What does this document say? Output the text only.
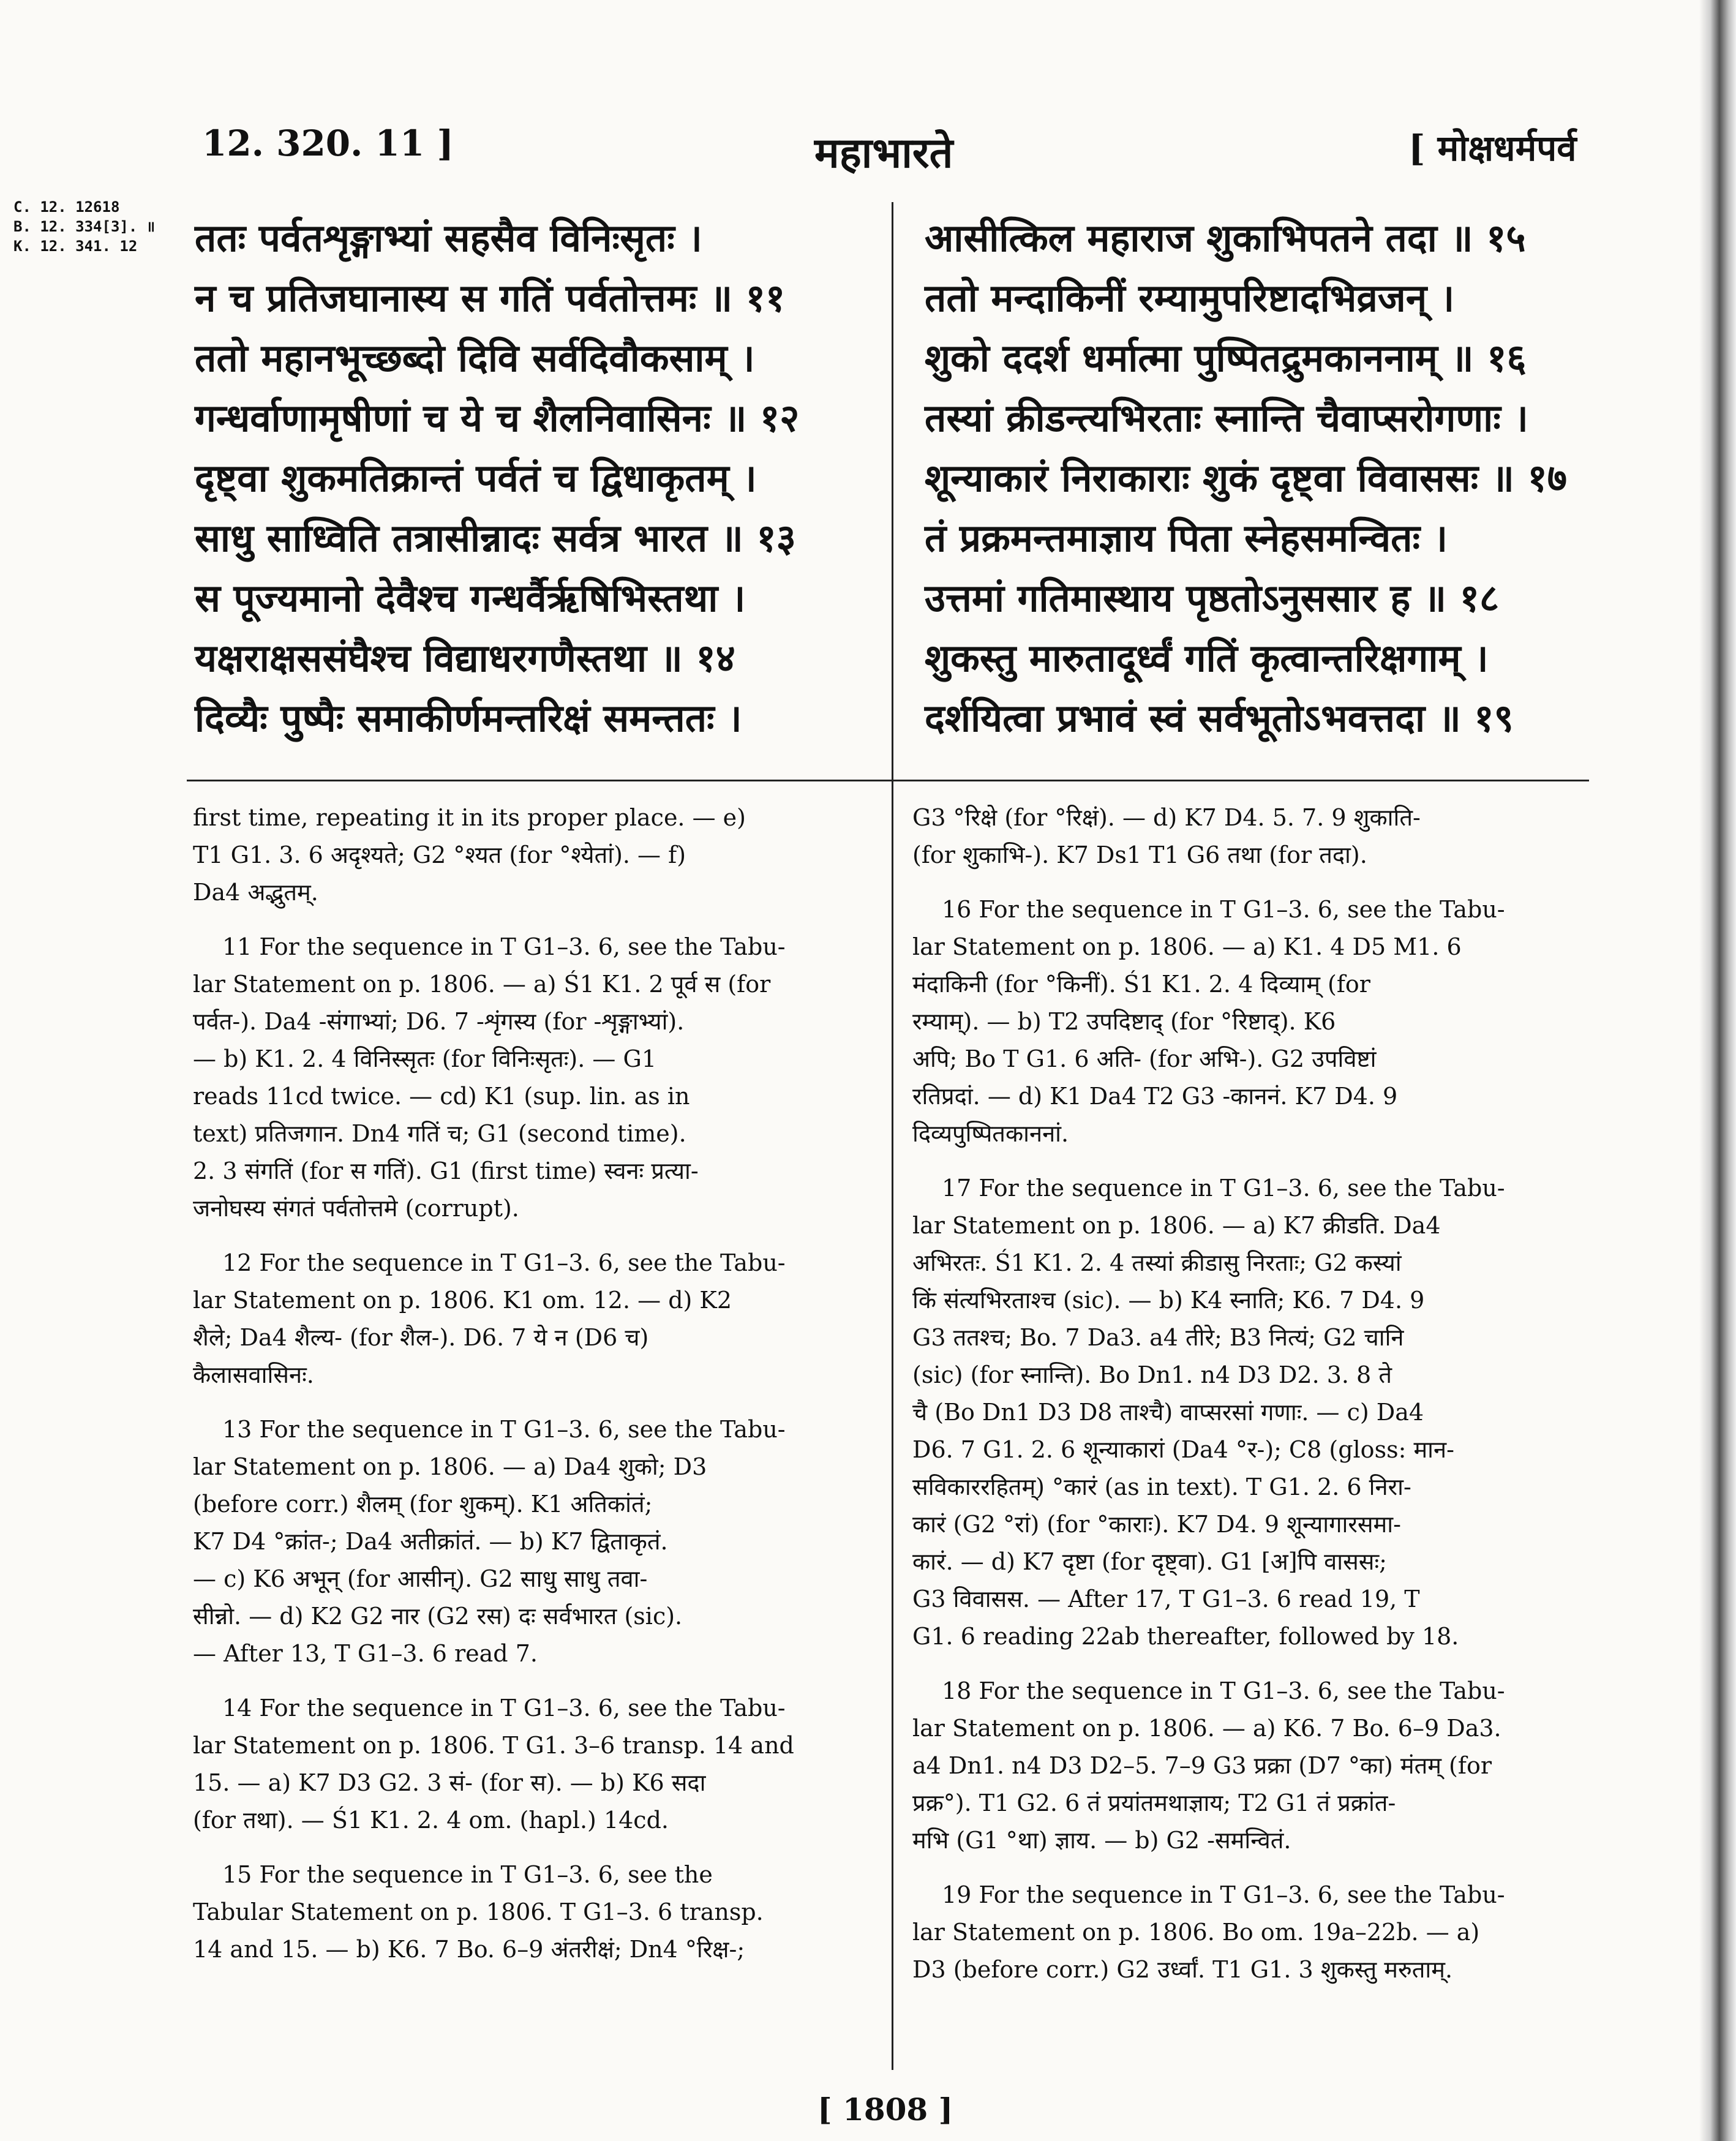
12. 320. 11 ]	महाभारते	[ मोक्षधर्मपर्व
C. 12. 12618
B. 12. 334[3]. ॥
K. 12. 341. 12	ततः पर्वतशृङ्गाभ्यां सहसैव विनिःसृतः ।
न च प्रतिजघानास्य स गतिं पर्वतोत्तमः ॥ ११
ततो महानभूच्छब्दो दिवि सर्वदिवौकसाम् ।
गन्धर्वाणामृषीणां च ये च शैलनिवासिनः ॥ १२
दृष्ट्वा शुकमतिक्रान्तं पर्वतं च द्विधाकृतम् ।
साधु साध्विति तत्रासीन्नादः सर्वत्र भारत ॥ १३
स पूज्यमानो देवैश्च गन्धर्वैरृषिभिस्तथा ।
यक्षराक्षससंघैश्च विद्याधरगणैस्तथा ॥ १४
दिव्यैः पुष्पैः समाकीर्णमन्तरिक्षं समन्ततः ।
आसीत्किल महाराज शुकाभिपतने तदा ॥ १५
ततो मन्दाकिनीं रम्यामुपरिष्टादभिव्रजन् ।
शुको ददर्श धर्मात्मा पुष्पितद्रुमकाननाम् ॥ १६
तस्यां क्रीडन्त्यभिरताः स्नान्ति चैवाप्सरोगणाः ।
शून्याकारं निराकाराः शुकं दृष्ट्वा विवाससः ॥ १७
तं प्रक्रमन्तमाज्ञाय पिता स्नेहसमन्वितः ।
उत्तमां गतिमास्थाय पृष्ठतोऽनुससार ह ॥ १८
शुकस्तु मारुतादूर्ध्वं गतिं कृत्वान्तरिक्षगाम् ।
दर्शयित्वा प्रभावं स्वं सर्वभूतोऽभवत्तदा ॥ १९

first time, repeating it in its proper place. — e)

T1 G1. 3. 6 अदृश्यते; G2 °श्यत (for °श्येतां). — f)

Da4 अद्भुतम्.

11 For the sequence in T G1–3. 6, see the Tabu-

lar Statement on p. 1806. — a) Ś1 K1. 2 पूर्व स (for

पर्वत-). Da4 -संगाभ्यां; D6. 7 -शृंगस्य (for -शृङ्गाभ्यां).

— b) K1. 2. 4 विनिस्सृतः (for विनिःसृतः). — G1

reads 11cd twice. — cd) K1 (sup. lin. as in

text) प्रतिजगान. Dn4 गतिं च; G1 (second time).

2. 3 संगतिं (for स गतिं). G1 (first time) स्वनः प्रत्या-

जनोघस्य संगतं पर्वतोत्तमे (corrupt).

12 For the sequence in T G1–3. 6, see the Tabu-

lar Statement on p. 1806. K1 om. 12. — d) K2

शैले; Da4 शैल्य- (for शैल-). D6. 7 ये न (D6 च)

कैलासवासिनः.

13 For the sequence in T G1–3. 6, see the Tabu-

lar Statement on p. 1806. — a) Da4 शुको; D3

(before corr.) शैलम् (for शुकम्). K1 अतिकांतं;

K7 D4 °क्रांत-; Da4 अतीक्रांतं. — b) K7 द्विताकृतं.

— c) K6 अभून् (for आसीन्). G2 साधु साधु तवा-

सीन्नो. — d) K2 G2 नार (G2 रस) दः सर्वभारत (sic).

— After 13, T G1–3. 6 read 7.

14 For the sequence in T G1–3. 6, see the Tabu-

lar Statement on p. 1806. T G1. 3–6 transp. 14 and

15. — a) K7 D3 G2. 3 सं- (for स). — b) K6 सदा

(for तथा). — Ś1 K1. 2. 4 om. (hapl.) 14cd.

15 For the sequence in T G1–3. 6, see the

Tabular Statement on p. 1806. T G1–3. 6 transp.

14 and 15. — b) K6. 7 Bo. 6–9 अंतरीक्षं; Dn4 °रिक्ष-;

G3 °रिक्षे (for °रिक्षं). — d) K7 D4. 5. 7. 9 शुकाति-

(for शुकाभि-). K7 Ds1 T1 G6 तथा (for तदा).

16 For the sequence in T G1–3. 6, see the Tabu-

lar Statement on p. 1806. — a) K1. 4 D5 M1. 6

मंदाकिनी (for °किनीं). Ś1 K1. 2. 4 दिव्याम् (for

रम्याम्). — b) T2 उपदिष्टाद् (for °रिष्टाद्). K6

अपि; Bo T G1. 6 अति- (for अभि-). G2 उपविष्टां

रतिप्रदां. — d) K1 Da4 T2 G3 -काननं. K7 D4. 9

दिव्यपुष्पितकाननां.

17 For the sequence in T G1–3. 6, see the Tabu-

lar Statement on p. 1806. — a) K7 क्रीडति. Da4

अभिरतः. Ś1 K1. 2. 4 तस्यां क्रीडासु निरताः; G2 कस्यां

किं संत्यभिरताश्च (sic). — b) K4 स्नाति; K6. 7 D4. 9

G3 ततश्च; Bo. 7 Da3. a4 तीरे; B3 नित्यं; G2 चानि

(sic) (for स्नान्ति). Bo Dn1. n4 D3 D2. 3. 8 ते

चै (Bo Dn1 D3 D8 ताश्चै) वाप्सरसां गणाः. — c) Da4

D6. 7 G1. 2. 6 शून्याकारां (Da4 °र-); C8 (gloss: मान-

सविकाररहितम्) °कारं (as in text). T G1. 2. 6 निरा-

कारं (G2 °रां) (for °काराः). K7 D4. 9 शून्यागारसमा-

कारं. — d) K7 दृष्टा (for दृष्ट्वा). G1 [अ]पि वाससः;

G3 विवासस. — After 17, T G1–3. 6 read 19, T

G1. 6 reading 22ab thereafter, followed by 18.

18 For the sequence in T G1–3. 6, see the Tabu-

lar Statement on p. 1806. — a) K6. 7 Bo. 6–9 Da3.

a4 Dn1. n4 D3 D2–5. 7–9 G3 प्रक्रा (D7 °का) मंतम् (for

प्रक्र°). T1 G2. 6 तं प्रयांतमथाज्ञाय; T2 G1 तं प्रक्रांत-

मभि (G1 °था) ज्ञाय. — b) G2 -समन्वितं.

19 For the sequence in T G1–3. 6, see the Tabu-

lar Statement on p. 1806. Bo om. 19a–22b. — a)

D3 (before corr.) G2 उर्ध्वां. T1 G1. 3 शुकस्तु मरुताम्.

[ 1808 ]
